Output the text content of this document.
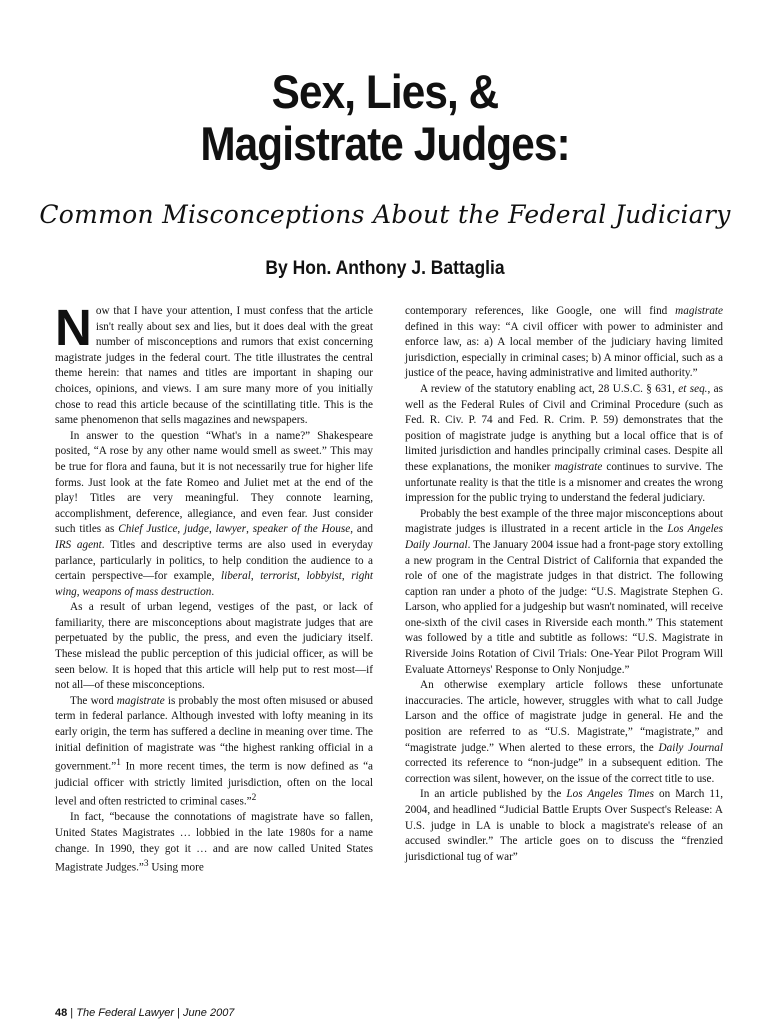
Sex, Lies, &
Magistrate Judges:
Common Misconceptions About the Federal Judiciary
By Hon. Anthony J. Battaglia

Now that I have your attention, I must confess that the article isn't really about sex and lies, but it does deal with the great number of misconceptions and rumors that exist concerning magistrate judges in the federal court. The title illustrates the central theme herein: that names and titles are important in shaping our choices, opinions, and views. I am sure many more of you initially chose to read this article because of the scintillating title. This is the same phenomenon that sells magazines and newspapers.

In answer to the question “What's in a name?” Shakespeare posited, “A rose by any other name would smell as sweet.” This may be true for flora and fauna, but it is not necessarily true for higher life forms. Just look at the fate Romeo and Juliet met at the end of the play! Titles are very meaningful. They connote learning, accomplishment, deference, allegiance, and even fear. Just consider such titles as Chief Justice, judge, lawyer, speaker of the House, and IRS agent. Titles and descriptive terms are also used in everyday parlance, particularly in politics, to help condition the audience to a certain perspective—for example, liberal, terrorist, lobbyist, right wing, weapons of mass destruction.

As a result of urban legend, vestiges of the past, or lack of familiarity, there are misconceptions about magistrate judges that are perpetuated by the public, the press, and even the judiciary itself. These mislead the public perception of this judicial officer, as will be seen below. It is hoped that this article will help put to rest most—if not all—of these misconceptions.

The word magistrate is probably the most often misused or abused term in federal parlance. Although invested with lofty meaning in its early origin, the term has suffered a decline in meaning over time. The initial definition of magistrate was “the highest ranking official in a government.”$^1$ In more recent times, the term is now defined as “a judicial officer with strictly limited jurisdiction, often on the local level and often restricted to criminal cases.”$^2$

In fact, “because the connotations of magistrate have so fallen, United States Magistrates … lobbied in the late 1980s for a name change. In 1990, they got it … and are now called United States Magistrate Judges.”$^3$ Using more

contemporary references, like Google, one will find magistrate defined in this way: “A civil officer with power to administer and enforce law, as: a) A local member of the judiciary having limited jurisdiction, especially in criminal cases; b) A minor official, such as a justice of the peace, having administrative and limited authority.”

A review of the statutory enabling act, 28 U.S.C. § 631, et seq., as well as the Federal Rules of Civil and Criminal Procedure (such as Fed. R. Civ. P. 74 and Fed. R. Crim. P. 59) demonstrates that the position of magistrate judge is anything but a local office that is of limited jurisdiction and handles principally criminal cases. Despite all these explanations, the moniker magistrate continues to survive. The unfortunate reality is that the title is a misnomer and creates the wrong impression for the public trying to understand the federal judiciary.

Probably the best example of the three major misconceptions about magistrate judges is illustrated in a recent article in the Los Angeles Daily Journal. The January 2004 issue had a front-page story extolling a new program in the Central District of California that expanded the role of one of the magistrate judges in that district. The following caption ran under a photo of the judge: “U.S. Magistrate Stephen G. Larson, who applied for a judgeship but wasn't nominated, will receive one-sixth of the civil cases in Riverside each month.” This statement was followed by a title and subtitle as follows: “U.S. Magistrate in Riverside Joins Rotation of Civil Trials: One-Year Pilot Program Will Evaluate Attorneys' Response to Only Nonjudge.”

An otherwise exemplary article follows these unfortunate inaccuracies. The article, however, struggles with what to call Judge Larson and the office of magistrate judge in general. He and the position are referred to as “U.S. Magistrate,” “magistrate,” and “magistrate judge.” When alerted to these errors, the Daily Journal corrected its reference to “non-judge” in a subsequent edition. The correction was silent, however, on the issue of the correct title to use.

In an article published by the Los Angeles Times on March 11, 2004, and headlined “Judicial Battle Erupts Over Suspect's Release: A U.S. judge in LA is unable to block a magistrate's release of an accused swindler.” The article goes on to discuss the “frenzied jurisdictional tug of war”

48 | The Federal Lawyer | June 2007
